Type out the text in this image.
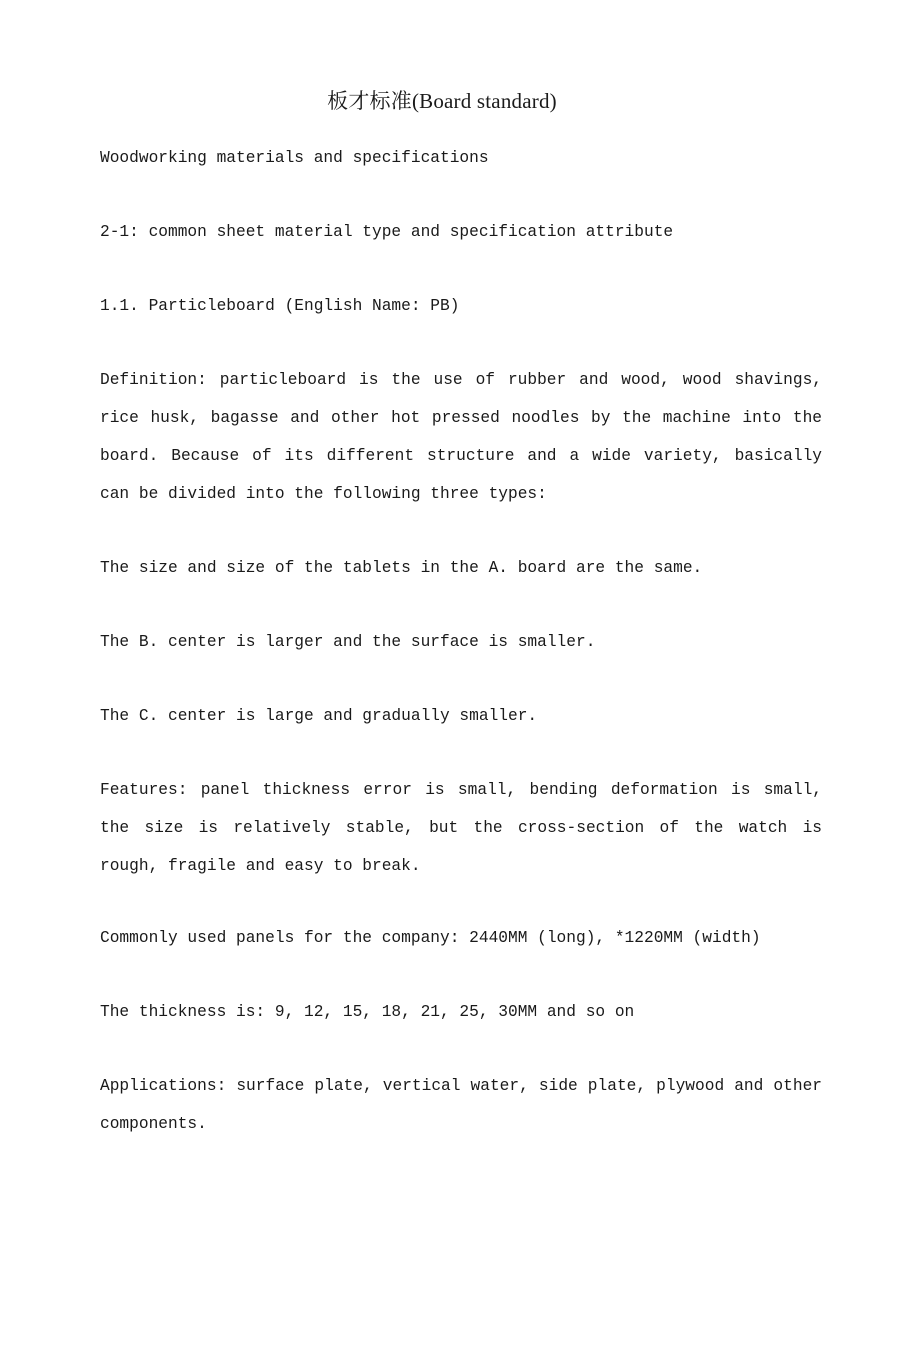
板才标准(Board standard)

Woodworking materials and specifications

2-1: common sheet material type and specification attribute

1.1. Particleboard (English Name: PB)

Definition: particleboard is the use of rubber and wood, wood shavings, rice husk, bagasse and other hot pressed noodles by the machine into the board. Because of its different structure and a wide variety, basically can be divided into the following three types:

The size and size of the tablets in the A. board are the same.

The B. center is larger and the surface is smaller.

The C. center is large and gradually smaller.

Features: panel thickness error is small, bending deformation is small, the size is relatively stable, but the cross-section of the watch is rough, fragile and easy to break.

Commonly used panels for the company: 2440MM (long), *1220MM (width)

The thickness is: 9, 12, 15, 18, 21, 25, 30MM and so on

Applications: surface plate, vertical water, side plate, plywood and other components.
